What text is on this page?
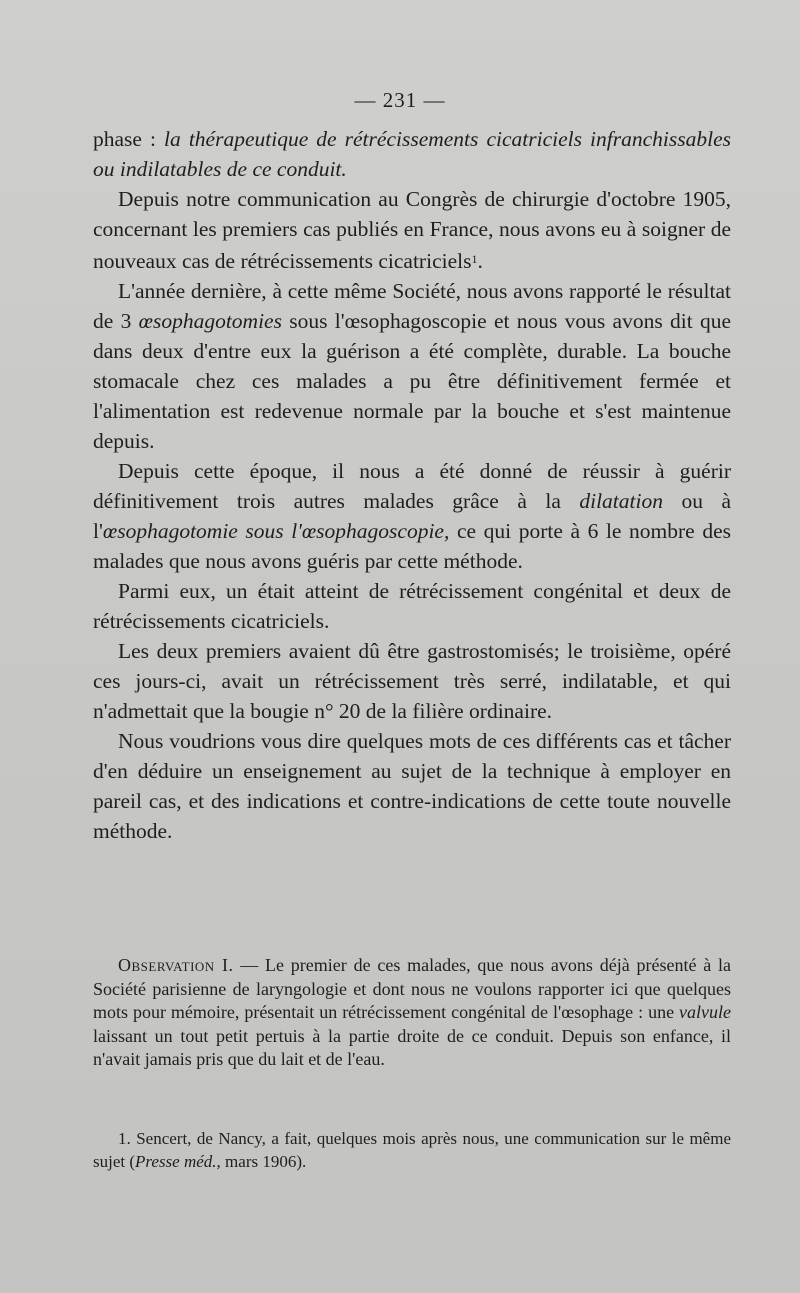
— 231 —

phase : la thérapeutique de rétrécissements cicatriciels infranchissables ou indilatables de ce conduit.

Depuis notre communication au Congrès de chirurgie d'octobre 1905, concernant les premiers cas publiés en France, nous avons eu à soigner de nouveaux cas de rétrécissements cicatriciels$^1$.

L'année dernière, à cette même Société, nous avons rapporté le résultat de 3 œsophagotomies sous l'œsophagoscopie et nous vous avons dit que dans deux d'entre eux la guérison a été complète, durable. La bouche stomacale chez ces malades a pu être définitivement fermée et l'alimentation est redevenue normale par la bouche et s'est maintenue depuis.

Depuis cette époque, il nous a été donné de réussir à guérir définitivement trois autres malades grâce à la dilatation ou à l'œsophagotomie sous l'œsophagoscopie, ce qui porte à 6 le nombre des malades que nous avons guéris par cette méthode.

Parmi eux, un était atteint de rétrécissement congénital et deux de rétrécissements cicatriciels.

Les deux premiers avaient dû être gastrostomisés; le troisième, opéré ces jours-ci, avait un rétrécissement très serré, indilatable, et qui n'admettait que la bougie n° 20 de la filière ordinaire.

Nous voudrions vous dire quelques mots de ces différents cas et tâcher d'en déduire un enseignement au sujet de la technique à employer en pareil cas, et des indications et contre-indications de cette toute nouvelle méthode.

Observation I. — Le premier de ces malades, que nous avons déjà présenté à la Société parisienne de laryngologie et dont nous ne voulons rapporter ici que quelques mots pour mémoire, présentait un rétrécissement congénital de l'œsophage : une valvule laissant un tout petit pertuis à la partie droite de ce conduit. Depuis son enfance, il n'avait jamais pris que du lait et de l'eau.

1. Sencert, de Nancy, a fait, quelques mois après nous, une communication sur le même sujet (Presse méd., mars 1906).
